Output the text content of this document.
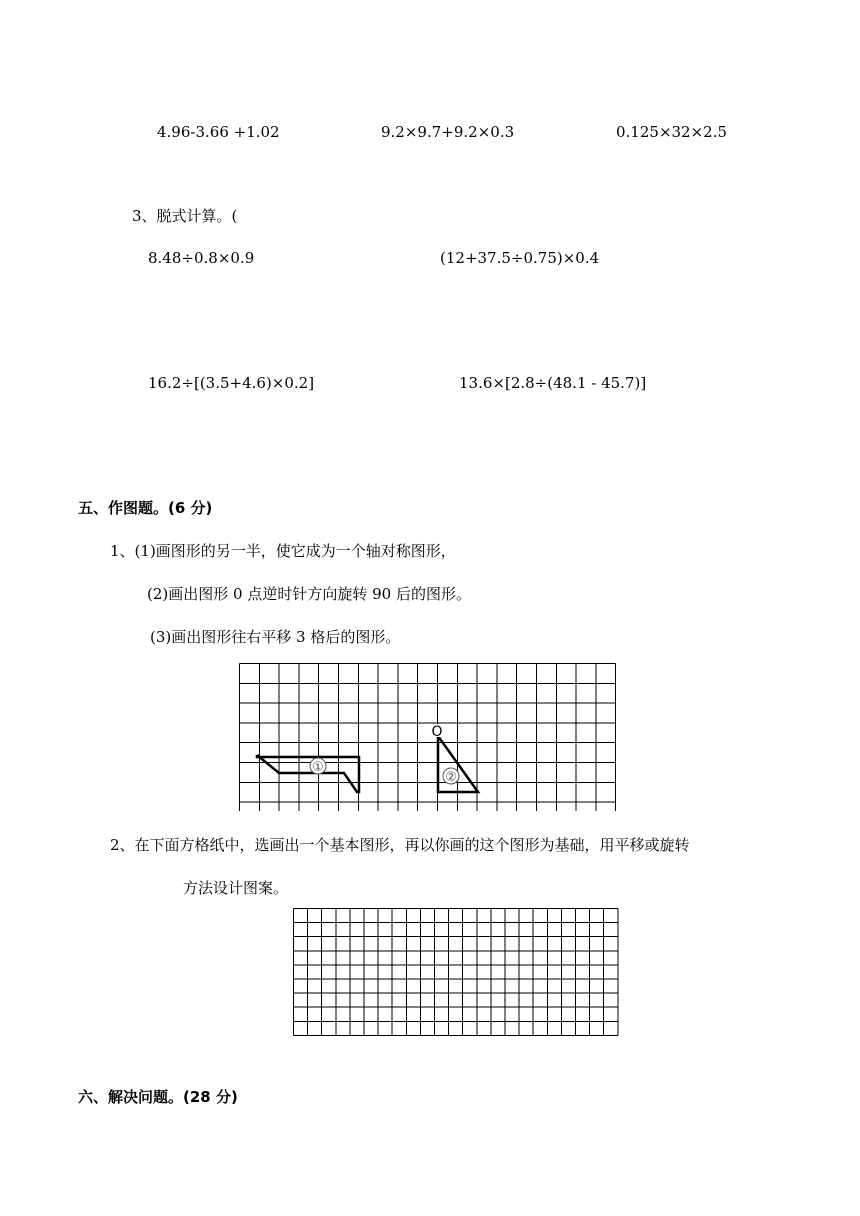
4.96-3.66 +1.02	9.2×9.7+9.2×0.3	0.125×32×2.5
3、脱式计算。(
8.48÷0.8×0.9	(12+37.5÷0.75)×0.4
16.2÷[(3.5+4.6)×0.2]	13.6×[2.8÷(48.1 - 45.7)]
五、作图题。(6 分)
1、(1)画图形的另一半，使它成为一个轴对称图形，
(2)画出图形 0 点逆时针方向旋转 90 后的图形。
(3)画出图形往右平移 3 格后的图形。
①
②
O
2、在下面方格纸中，选画出一个基本图形，再以你画的这个图形为基础，用平移或旋转
方法设计图案。
六、解决问题。(28 分)
